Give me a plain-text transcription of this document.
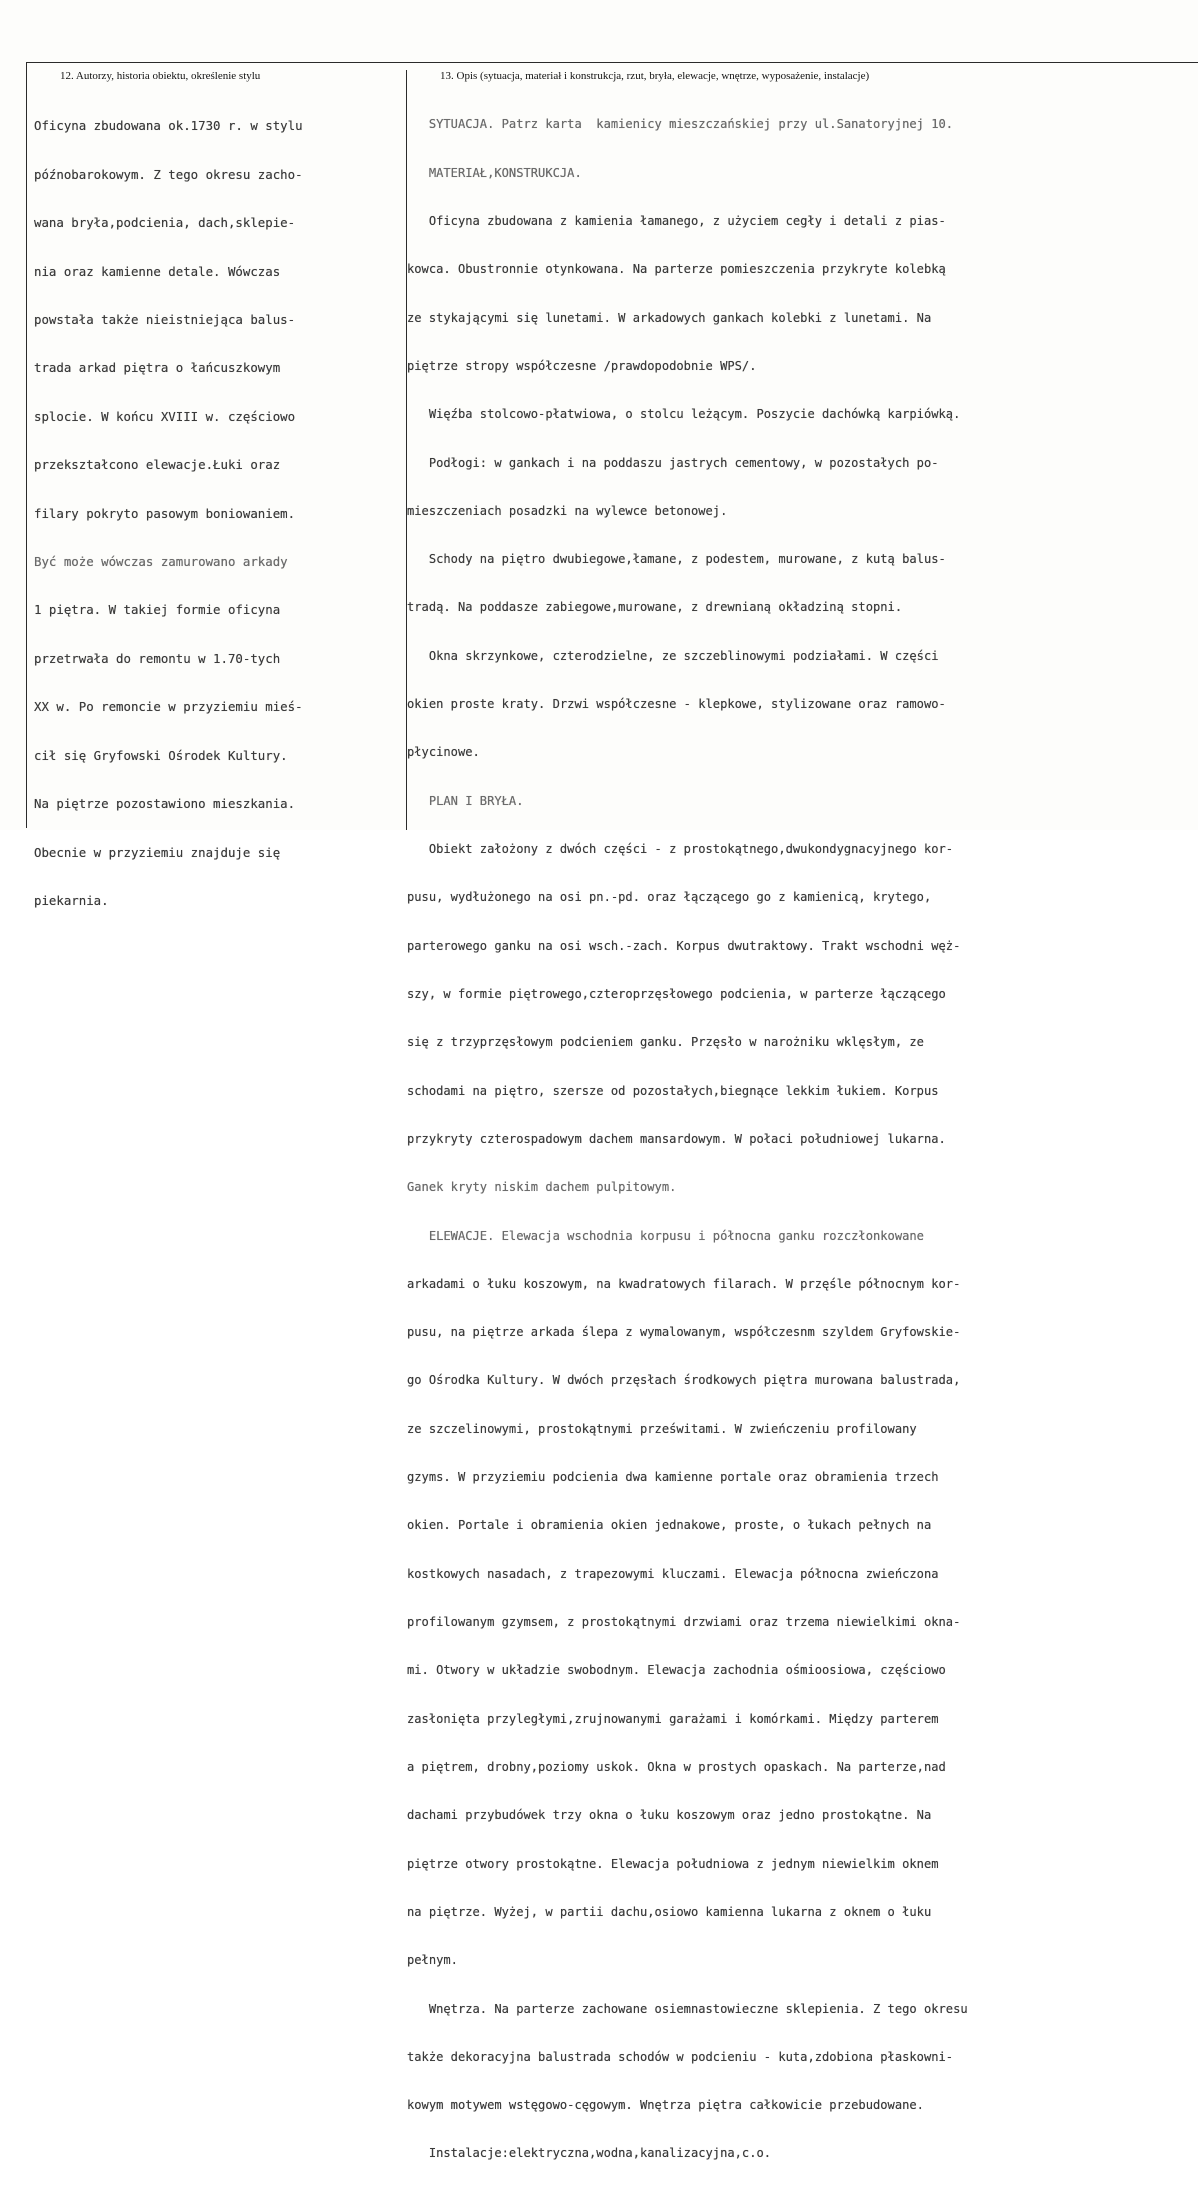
12. Autorzy, historia obiektu, określenie stylu	13. Opis (sytuacja, materiał i konstrukcja, rzut, bryła, elewacje, wnętrze, wyposażenie, instalacje)

Oficyna zbudowana ok.1730 r. w stylu

późnobarokowym. Z tego okresu zacho-

wana bryła,podcienia, dach,sklepie-

nia oraz kamienne detale. Wówczas

powstała także nieistniejąca balus-

trada arkad piętra o łańcuszkowym

splocie. W końcu XVIII w. częściowo

przekształcono elewacje.Łuki oraz

filary pokryto pasowym boniowaniem.

Być może wówczas zamurowano arkady

1 piętra. W takiej formie oficyna

przetrwała do remontu w 1.70-tych

XX w. Po remoncie w przyziemiu mieś-

cił się Gryfowski Ośrodek Kultury.

Na piętrze pozostawiono mieszkania.

Obecnie w przyziemiu znajduje się

piekarnia.

SYTUACJA. Patrz karta  kamienicy mieszczańskiej przy ul.Sanatoryjnej 10.

MATERIAŁ,KONSTRUKCJA.

Oficyna zbudowana z kamienia łamanego, z użyciem cegły i detali z pias-

kowca. Obustronnie otynkowana. Na parterze pomieszczenia przykryte kolebką

ze stykającymi się lunetami. W arkadowych gankach kolebki z lunetami. Na

piętrze stropy współczesne /prawdopodobnie WPS/.

Więźba stolcowo-płatwiowa, o stolcu leżącym. Poszycie dachówką karpiówką.

Podłogi: w gankach i na poddaszu jastrych cementowy, w pozostałych po-

mieszczeniach posadzki na wylewce betonowej.

Schody na piętro dwubiegowe,łamane, z podestem, murowane, z kutą balus-

tradą. Na poddasze zabiegowe,murowane, z drewnianą okładziną stopni.

Okna skrzynkowe, czterodzielne, ze szczeblinowymi podziałami. W części

okien proste kraty. Drzwi współczesne - klepkowe, stylizowane oraz ramowo-

płycinowe.

PLAN I BRYŁA.

Obiekt założony z dwóch części - z prostokątnego,dwukondygnacyjnego kor-

pusu, wydłużonego na osi pn.-pd. oraz łączącego go z kamienicą, krytego,

parterowego ganku na osi wsch.-zach. Korpus dwutraktowy. Trakt wschodni węż-

szy, w formie piętrowego,czteroprzęsłowego podcienia, w parterze łączącego

się z trzyprzęsłowym podcieniem ganku. Przęsło w narożniku wklęsłym, ze

schodami na piętro, szersze od pozostałych,biegnące lekkim łukiem. Korpus

przykryty czterospadowym dachem mansardowym. W połaci południowej lukarna.

Ganek kryty niskim dachem pulpitowym.

ELEWACJE. Elewacja wschodnia korpusu i północna ganku rozczłonkowane

arkadami o łuku koszowym, na kwadratowych filarach. W przęśle północnym kor-

pusu, na piętrze arkada ślepa z wymalowanym, współczesnm szyldem Gryfowskie-

go Ośrodka Kultury. W dwóch przęsłach środkowych piętra murowana balustrada,

ze szczelinowymi, prostokątnymi prześwitami. W zwieńczeniu profilowany

gzyms. W przyziemiu podcienia dwa kamienne portale oraz obramienia trzech

okien. Portale i obramienia okien jednakowe, proste, o łukach pełnych na

kostkowych nasadach, z trapezowymi kluczami. Elewacja północna zwieńczona

profilowanym gzymsem, z prostokątnymi drzwiami oraz trzema niewielkimi okna-

mi. Otwory w układzie swobodnym. Elewacja zachodnia ośmioosiowa, częściowo

zasłonięta przyległymi,zrujnowanymi garażami i komórkami. Między parterem

a piętrem, drobny,poziomy uskok. Okna w prostych opaskach. Na parterze,nad

dachami przybudówek trzy okna o łuku koszowym oraz jedno prostokątne. Na

piętrze otwory prostokątne. Elewacja południowa z jednym niewielkim oknem

na piętrze. Wyżej, w partii dachu,osiowo kamienna lukarna z oknem o łuku

pełnym.

Wnętrza. Na parterze zachowane osiemnastowieczne sklepienia. Z tego okresu

także dekoracyjna balustrada schodów w podcieniu - kuta,zdobiona płaskowni-

kowym motywem wstęgowo-cęgowym. Wnętrza piętra całkowicie przebudowane.

Instalacje:elektryczna,wodna,kanalizacyjna,c.o.
